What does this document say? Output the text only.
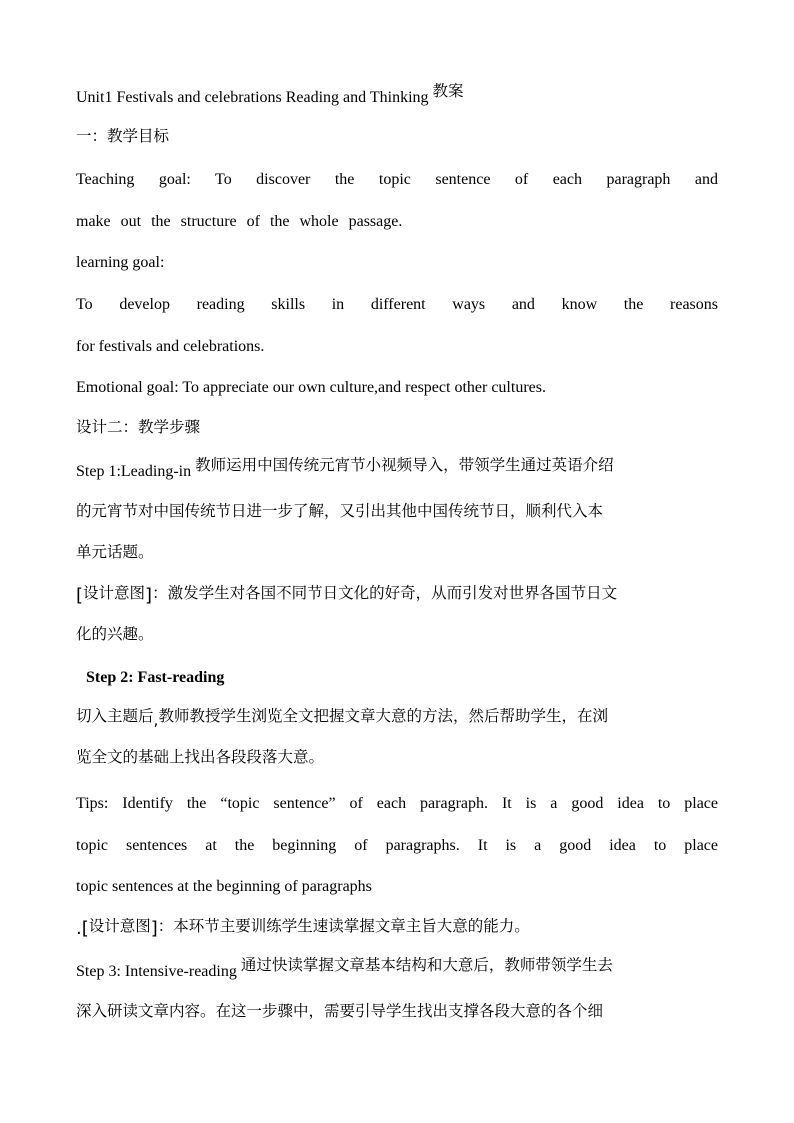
Unit1 Festivals and celebrations Reading and Thinking 教案
一：教学目标
Teaching goal: To discover the topic sentence of each paragraph and
make out the structure of the whole passage.
learning goal:
To develop reading skills in different ways and know the reasons
for festivals and celebrations.
Emotional goal: To appreciate our own culture,and respect other cultures.
设计二：教学步骤
Step 1:Leading-in 教师运用中国传统元宵节小视频导入，带领学生通过英语介绍
的元宵节对中国传统节日进一步了解，又引出其他中国传统节日，顺利代入本
单元话题。
[设计意图]：激发学生对各国不同节日文化的好奇，从而引发对世界各国节日文
化的兴趣。
Step 2: Fast-reading
切入主题后,教师教授学生浏览全文把握文章大意的方法，然后帮助学生，在浏
览全文的基础上找出各段段落大意。
Tips: Identify the “topic sentence” of each paragraph. It is a good idea to place
topic sentences at the beginning of paragraphs. It is a good idea to place
topic sentences at the beginning of paragraphs
.[设计意图]：本环节主要训练学生速读掌握文章主旨大意的能力。
Step 3: Intensive-reading 通过快读掌握文章基本结构和大意后，教师带领学生去
深入研读文章内容。在这一步骤中，需要引导学生找出支撑各段大意的各个细
